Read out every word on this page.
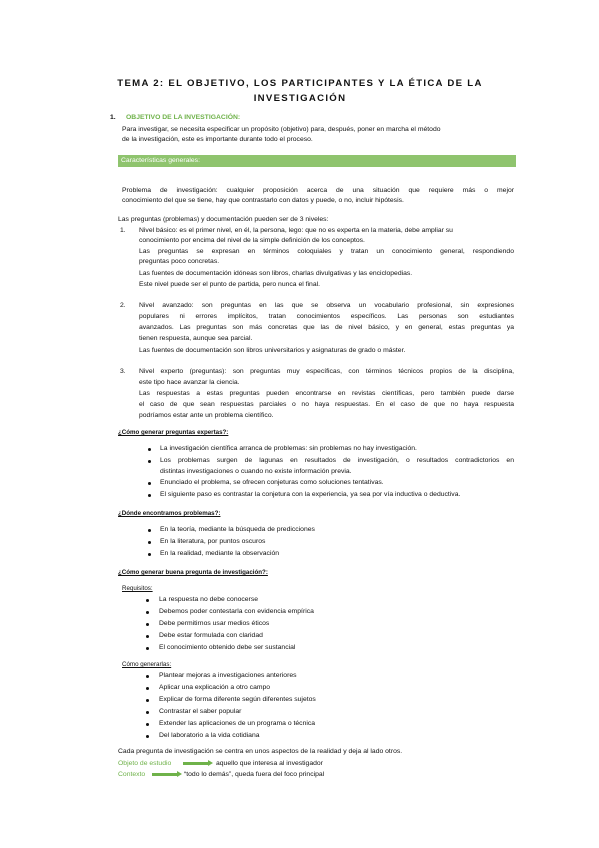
TEMA 2: EL OBJETIVO, LOS PARTICIPANTES Y LA ÉTICA DE LA
INVESTIGACIÓN
1. OBJETIVO DE LA INVESTIGACIÓN:
Para investigar, se necesita especificar un propósito (objetivo) para, después, poner en marcha el método
de la investigación, este es importante durante todo el proceso.
Características generales:
Problema de investigación: cualquier proposición acerca de una situación que requiere más o mejor
conocimiento del que se tiene, hay que contrastarlo con datos y puede, o no, incluir hipótesis.
Las preguntas (problemas) y documentación pueden ser de 3 niveles:
1. Nivel básico: es el primer nivel, en él, la persona, lego: que no es experta en la materia, debe ampliar su
conocimiento por encima del nivel de la simple definición de los conceptos.
Las preguntas se expresan en términos coloquiales y tratan un conocimiento general, respondiendo
preguntas poco concretas.
Las fuentes de documentación idóneas son libros, charlas divulgativas y las enciclopedias.
Este nivel puede ser el punto de partida, pero nunca el final.
2. Nivel avanzado: son preguntas en las que se observa un vocabulario profesional, sin expresiones
populares ni errores implícitos, tratan conocimientos específicos. Las personas son estudiantes
avanzados. Las preguntas son más concretas que las de nivel básico, y en general, estas preguntas ya
tienen respuesta, aunque sea parcial.
Las fuentes de documentación son libros universitarios y asignaturas de grado o máster.
3. Nivel experto (preguntas): son preguntas muy específicas, con términos técnicos propios de la disciplina,
este tipo hace avanzar la ciencia.
Las respuestas a estas preguntas pueden encontrarse en revistas científicas, pero también puede darse
el caso de que sean respuestas parciales o no haya respuestas. En el caso de que no haya respuesta
podríamos estar ante un problema científico.
¿Cómo generar preguntas expertas?:
La investigación científica arranca de problemas: sin problemas no hay investigación.
Los problemas surgen de lagunas en resultados de investigación, o resultados contradictorios en
distintas investigaciones o cuando no existe información previa.
Enunciado el problema, se ofrecen conjeturas como soluciones tentativas.
El siguiente paso es contrastar la conjetura con la experiencia, ya sea por vía inductiva o deductiva.
¿Dónde encontramos problemas?:
En la teoría, mediante la búsqueda de predicciones
En la literatura, por puntos oscuros
En la realidad, mediante la observación
¿Cómo generar buena pregunta de investigación?:
Requisitos:
La respuesta no debe conocerse
Debemos poder contestarla con evidencia empírica
Debe permitirnos usar medios éticos
Debe estar formulada con claridad
El conocimiento obtenido debe ser sustancial
Cómo generarlas:
Plantear mejoras a investigaciones anteriores
Aplicar una explicación a otro campo
Explicar de forma diferente según diferentes sujetos
Contrastar el saber popular
Extender las aplicaciones de un programa o técnica
Del laboratorio a la vida cotidiana
Cada pregunta de investigación se centra en unos aspectos de la realidad y deja al lado otros.
Objeto de estudio	aquello que interesa al investigador
Contexto	“todo lo demás”, queda fuera del foco principal
